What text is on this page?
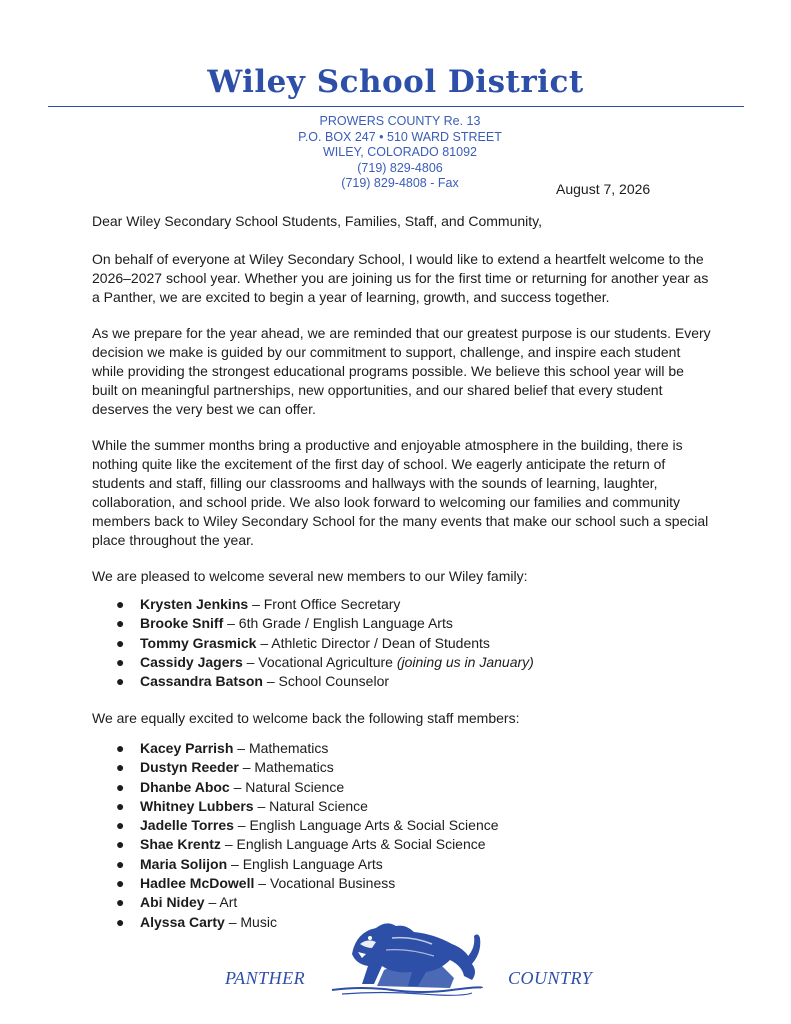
Wiley School District
PROWERS COUNTY Re. 13
P.O. BOX 247 • 510 WARD STREET
WILEY, COLORADO 81092
(719) 829-4806
(719) 829-4808 - Fax	August 7, 2026

Dear Wiley Secondary School Students, Families, Staff, and Community,

On behalf of everyone at Wiley Secondary School, I would like to extend a heartfelt welcome to the 2026–2027 school year. Whether you are joining us for the first time or returning for another year as a Panther, we are excited to begin a year of learning, growth, and success together.

As we prepare for the year ahead, we are reminded that our greatest purpose is our students. Every decision we make is guided by our commitment to support, challenge, and inspire each student while providing the strongest educational programs possible. We believe this school year will be built on meaningful partnerships, new opportunities, and our shared belief that every student deserves the very best we can offer.

While the summer months bring a productive and enjoyable atmosphere in the building, there is nothing quite like the excitement of the first day of school. We eagerly anticipate the return of students and staff, filling our classrooms and hallways with the sounds of learning, laughter, collaboration, and school pride. We also look forward to welcoming our families and community members back to Wiley Secondary School for the many events that make our school such a special place throughout the year.

We are pleased to welcome several new members to our Wiley family:

● Krysten Jenkins – Front Office Secretary
● Brooke Sniff – 6th Grade / English Language Arts
● Tommy Grasmick – Athletic Director / Dean of Students
● Cassidy Jagers – Vocational Agriculture (joining us in January)
● Cassandra Batson – School Counselor

We are equally excited to welcome back the following staff members:

● Kacey Parrish – Mathematics
● Dustyn Reeder – Mathematics
● Dhanbe Aboc – Natural Science
● Whitney Lubbers – Natural Science
● Jadelle Torres – English Language Arts & Social Science
● Shae Krentz – English Language Arts & Social Science
● Maria Solijon – English Language Arts
● Hadlee McDowell – Vocational Business
● Abi Nidey – Art
● Alyssa Carty – Music
PANTHER	COUNTRY
